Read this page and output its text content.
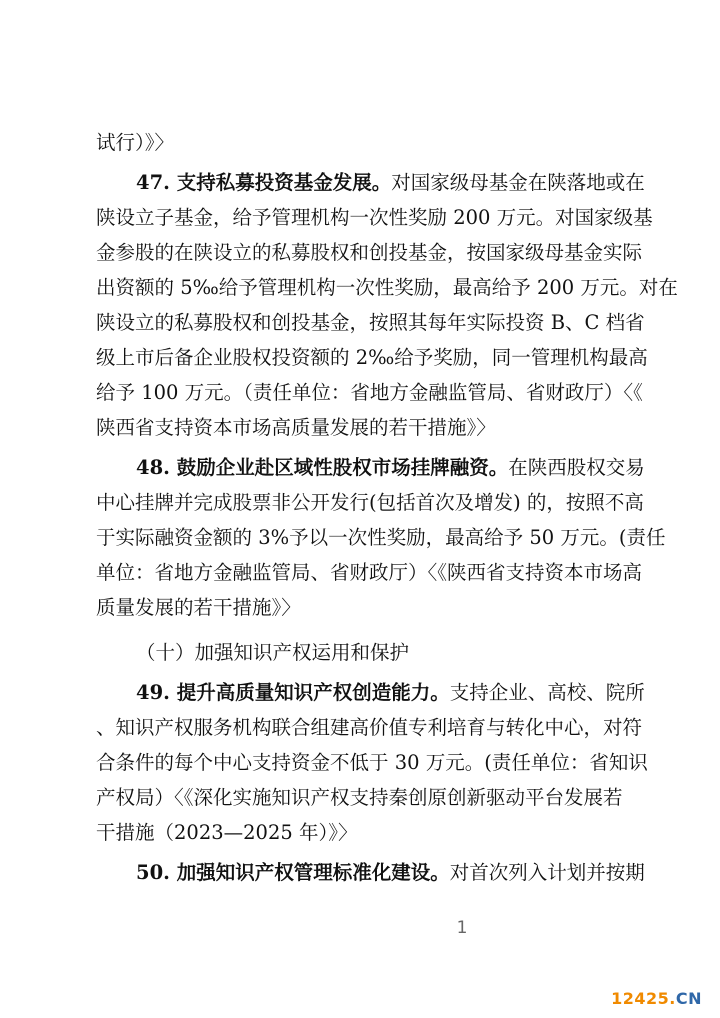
试行）》〉
47. 支持私募投资基金发展。对国家级母基金在陕落地或在
陕设立子基金，给予管理机构一次性奖励 200 万元。对国家级基
金参股的在陕设立的私募股权和创投基金，按国家级母基金实际
出资额的 5‰给予管理机构一次性奖励，最高给予 200 万元。对在
陕设立的私募股权和创投基金，按照其每年实际投资 B、C 档省
级上市后备企业股权投资额的 2‰给予奖励，同一管理机构最高
给予 100 万元。（责任单位：省地方金融监管局、省财政厅）〈《
陕西省支持资本市场高质量发展的若干措施》〉
48. 鼓励企业赴区域性股权市场挂牌融资。在陕西股权交易
中心挂牌并完成股票非公开发行(包括首次及增发) 的，按照不高
于实际融资金额的 3%予以一次性奖励，最高给予 50 万元。(责任
单位：省地方金融监管局、省财政厅）〈《陕西省支持资本市场高
质量发展的若干措施》〉
（十）加强知识产权运用和保护
49. 提升高质量知识产权创造能力。支持企业、高校、院所
、知识产权服务机构联合组建高价值专利培育与转化中心，对符
合条件的每个中心支持资金不低于 30 万元。(责任单位：省知识
产权局）〈《深化实施知识产权支持秦创原创新驱动平台发展若
干措施（2023—2025 年）》〉
50. 加强知识产权管理标准化建设。对首次列入计划并按期
1
12425.CN
